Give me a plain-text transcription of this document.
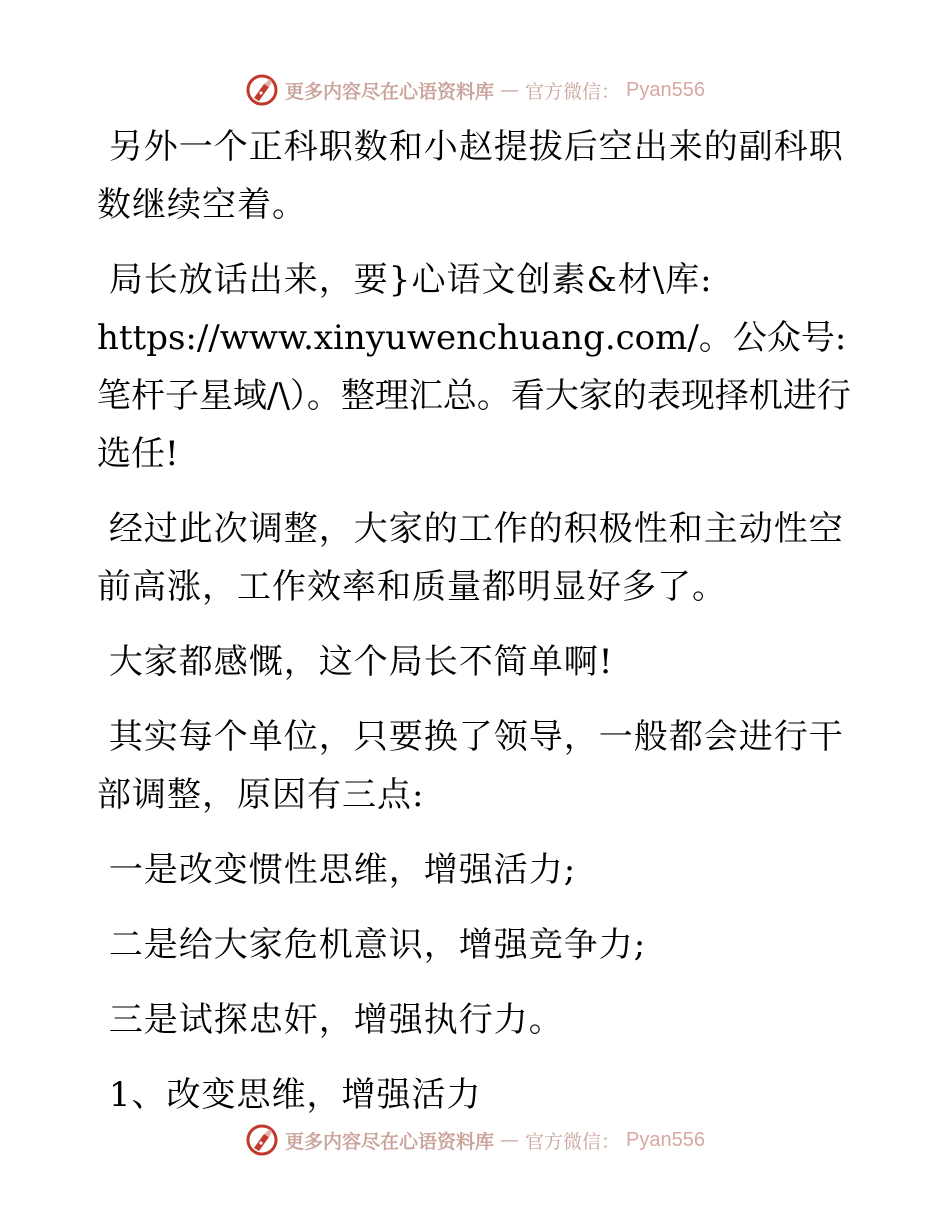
更多内容尽在心语资料库 — 官方微信： Pyan556

另外一个正科职数和小赵提拔后空出来的副科职数继续空着。

局长放话出来，要}心语文创素&材\库:

https://www.xinyuwenchuang.com/。公众号: 笔杆子星域/\）。整理汇总。看大家的表现择机进行选任!

经过此次调整，大家的工作的积极性和主动性空前高涨，工作效率和质量都明显好多了。

大家都感慨，这个局长不简单啊!

其实每个单位，只要换了领导，一般都会进行干部调整，原因有三点:

一是改变惯性思维，增强活力;

二是给大家危机意识，增强竞争力;

三是试探忠奸，增强执行力。

1、改变思维，增强活力

更多内容尽在心语资料库 — 官方微信： Pyan556
